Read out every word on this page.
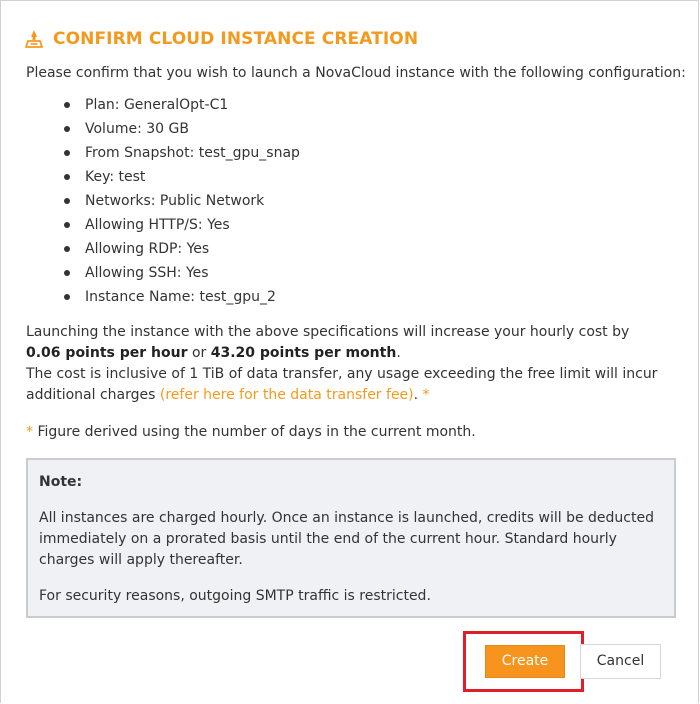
CONFIRM CLOUD INSTANCE CREATION
Please confirm that you wish to launch a NovaCloud instance with the following configuration:
Plan: GeneralOpt-C1
Volume: 30 GB
From Snapshot: test_gpu_snap
Key: test
Networks: Public Network
Allowing HTTP/S: Yes
Allowing RDP: Yes
Allowing SSH: Yes
Instance Name: test_gpu_2
Launching the instance with the above specifications will increase your hourly cost by 0.06 points per hour or 43.20 points per month.
The cost is inclusive of 1 TiB of data transfer, any usage exceeding the free limit will incur additional charges (refer here for the data transfer fee). *
* Figure derived using the number of days in the current month.
Note:
All instances are charged hourly. Once an instance is launched, credits will be deducted immediately on a prorated basis until the end of the current hour. Standard hourly charges will apply thereafter.
For security reasons, outgoing SMTP traffic is restricted.
Create	Cancel
